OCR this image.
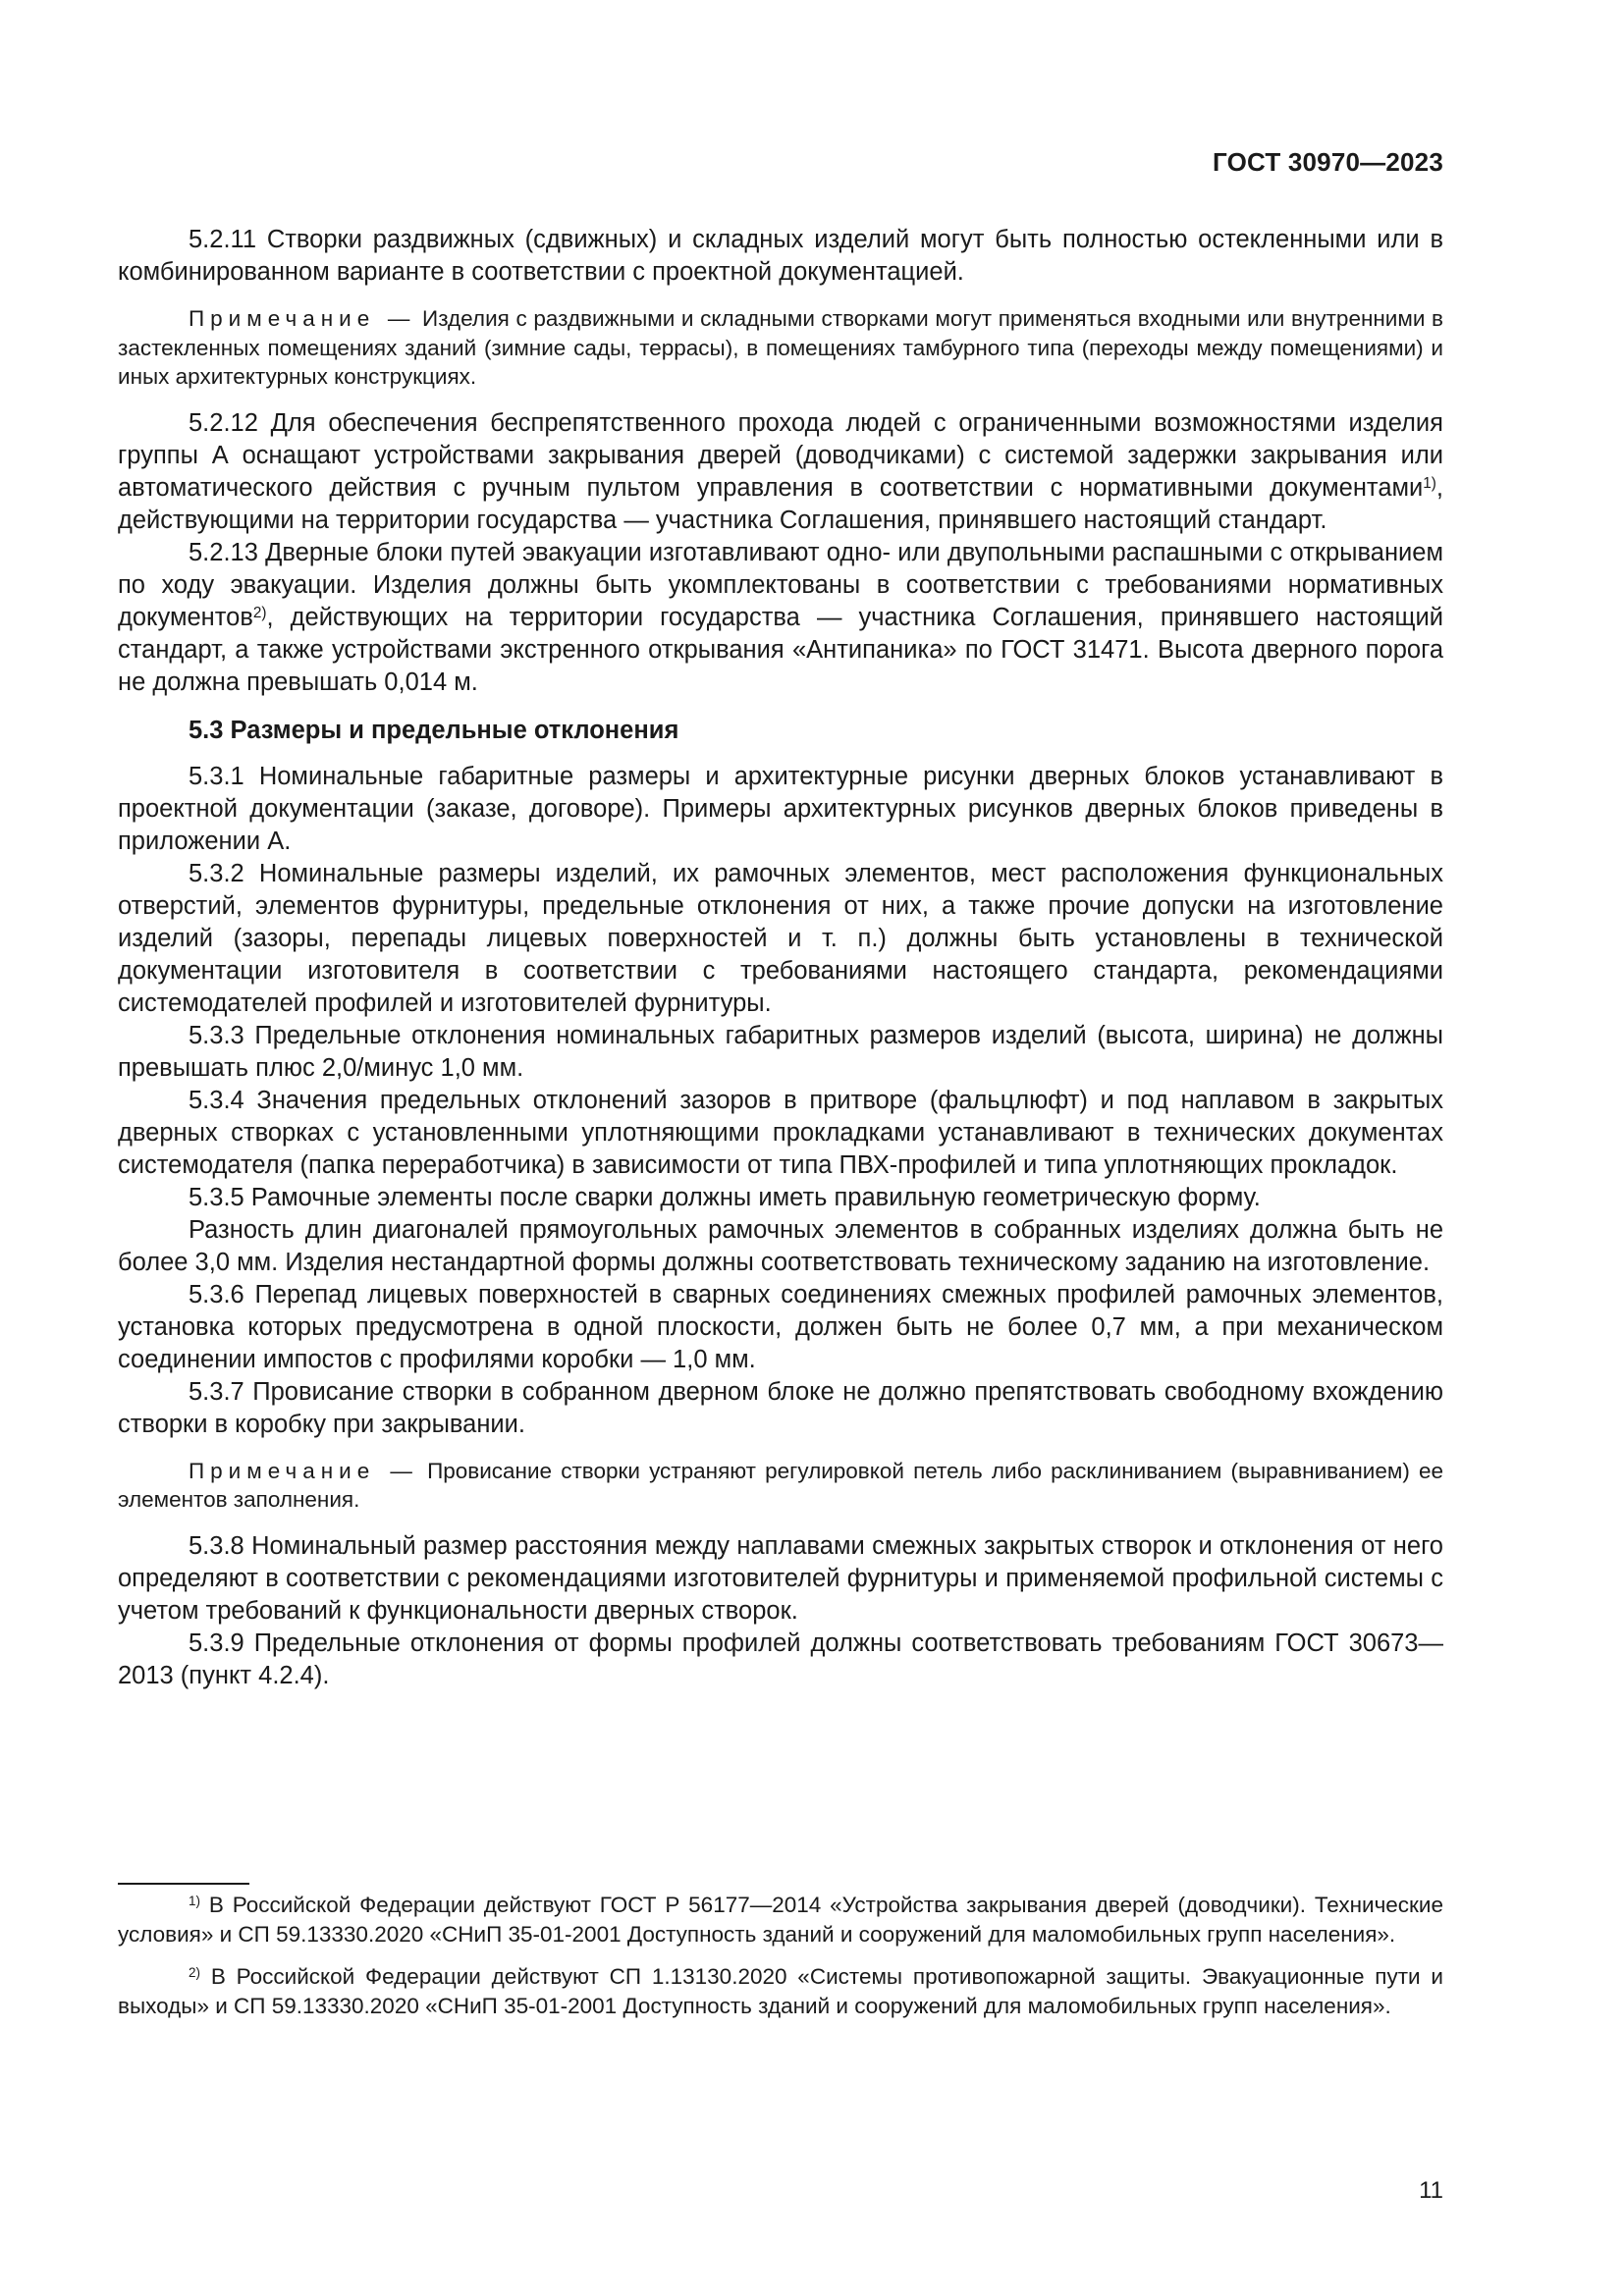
ГОСТ 30970—2023

5.2.11 Створки раздвижных (сдвижных) и складных изделий могут быть полностью остекленными или в комбинированном варианте в соответствии с проектной документацией.

Примечание — Изделия с раздвижными и складными створками могут применяться входными или внутренними в застекленных помещениях зданий (зимние сады, террасы), в помещениях тамбурного типа (переходы между помещениями) и иных архитектурных конструкциях.

5.2.12 Для обеспечения беспрепятственного прохода людей с ограниченными возможностями изделия группы А оснащают устройствами закрывания дверей (доводчиками) с системой задержки закрывания или автоматического действия с ручным пультом управления в соответствии с нормативными документами$^{1)}$, действующими на территории государства — участника Соглашения, принявшего настоящий стандарт.

5.2.13 Дверные блоки путей эвакуации изготавливают одно- или двупольными распашными с открыванием по ходу эвакуации. Изделия должны быть укомплектованы в соответствии с требованиями нормативных документов$^{2)}$, действующих на территории государства — участника Соглашения, принявшего настоящий стандарт, а также устройствами экстренного открывания «Антипаника» по ГОСТ 31471. Высота дверного порога не должна превышать 0,014 м.

5.3 Размеры и предельные отклонения

5.3.1 Номинальные габаритные размеры и архитектурные рисунки дверных блоков устанавливают в проектной документации (заказе, договоре). Примеры архитектурных рисунков дверных блоков приведены в приложении А.

5.3.2 Номинальные размеры изделий, их рамочных элементов, мест расположения функциональных отверстий, элементов фурнитуры, предельные отклонения от них, а также прочие допуски на изготовление изделий (зазоры, перепады лицевых поверхностей и т. п.) должны быть установлены в технической документации изготовителя в соответствии с требованиями настоящего стандарта, рекомендациями системодателей профилей и изготовителей фурнитуры.

5.3.3 Предельные отклонения номинальных габаритных размеров изделий (высота, ширина) не должны превышать плюс 2,0/минус 1,0 мм.

5.3.4 Значения предельных отклонений зазоров в притворе (фальцлюфт) и под наплавом в закрытых дверных створках с установленными уплотняющими прокладками устанавливают в технических документах системодателя (папка переработчика) в зависимости от типа ПВХ-профилей и типа уплотняющих прокладок.

5.3.5 Рамочные элементы после сварки должны иметь правильную геометрическую форму.

Разность длин диагоналей прямоугольных рамочных элементов в собранных изделиях должна быть не более 3,0 мм. Изделия нестандартной формы должны соответствовать техническому заданию на изготовление.

5.3.6 Перепад лицевых поверхностей в сварных соединениях смежных профилей рамочных элементов, установка которых предусмотрена в одной плоскости, должен быть не более 0,7 мм, а при механическом соединении импостов с профилями коробки — 1,0 мм.

5.3.7 Провисание створки в собранном дверном блоке не должно препятствовать свободному вхождению створки в коробку при закрывании.

Примечание — Провисание створки устраняют регулировкой петель либо расклиниванием (выравниванием) ее элементов заполнения.

5.3.8 Номинальный размер расстояния между наплавами смежных закрытых створок и отклонения от него определяют в соответствии с рекомендациями изготовителей фурнитуры и применяемой профильной системы с учетом требований к функциональности дверных створок.

5.3.9 Предельные отклонения от формы профилей должны соответствовать требованиям ГОСТ 30673—2013 (пункт 4.2.4).

$^{1)}$ В Российской Федерации действуют ГОСТ Р 56177—2014 «Устройства закрывания дверей (доводчики). Технические условия» и СП 59.13330.2020 «СНиП 35-01-2001 Доступность зданий и сооружений для маломобильных групп населения».

$^{2)}$ В Российской Федерации действуют СП 1.13130.2020 «Системы противопожарной защиты. Эвакуационные пути и выходы» и СП 59.13330.2020 «СНиП 35-01-2001 Доступность зданий и сооружений для маломобильных групп населения».

11
